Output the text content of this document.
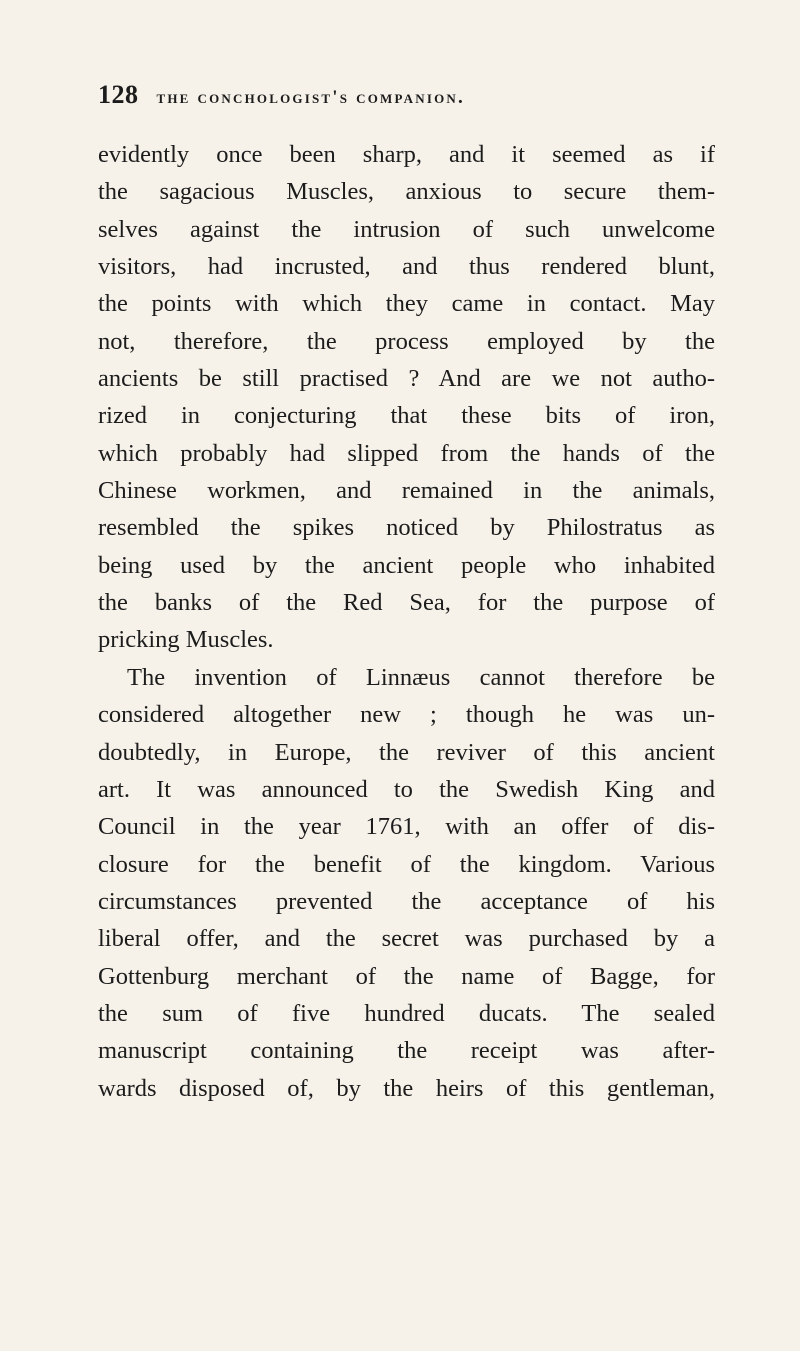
128 the conchologist's companion.
evidently once been sharp, and it seemed as if
the sagacious Muscles, anxious to secure them-
selves against the intrusion of such unwelcome
visitors, had incrusted, and thus rendered blunt,
the points with which they came in contact. May
not, therefore, the process employed by the
ancients be still practised ? And are we not autho-
rized in conjecturing that these bits of iron,
which probably had slipped from the hands of the
Chinese workmen, and remained in the animals,
resembled the spikes noticed by Philostratus as
being used by the ancient people who inhabited
the banks of the Red Sea, for the purpose of
pricking Muscles.
The invention of Linnæus cannot therefore be
considered altogether new ; though he was un-
doubtedly, in Europe, the reviver of this ancient
art. It was announced to the Swedish King and
Council in the year 1761, with an offer of dis-
closure for the benefit of the kingdom. Various
circumstances prevented the acceptance of his
liberal offer, and the secret was purchased by a
Gottenburg merchant of the name of Bagge, for
the sum of five hundred ducats. The sealed
manuscript containing the receipt was after-
wards disposed of, by the heirs of this gentleman,
